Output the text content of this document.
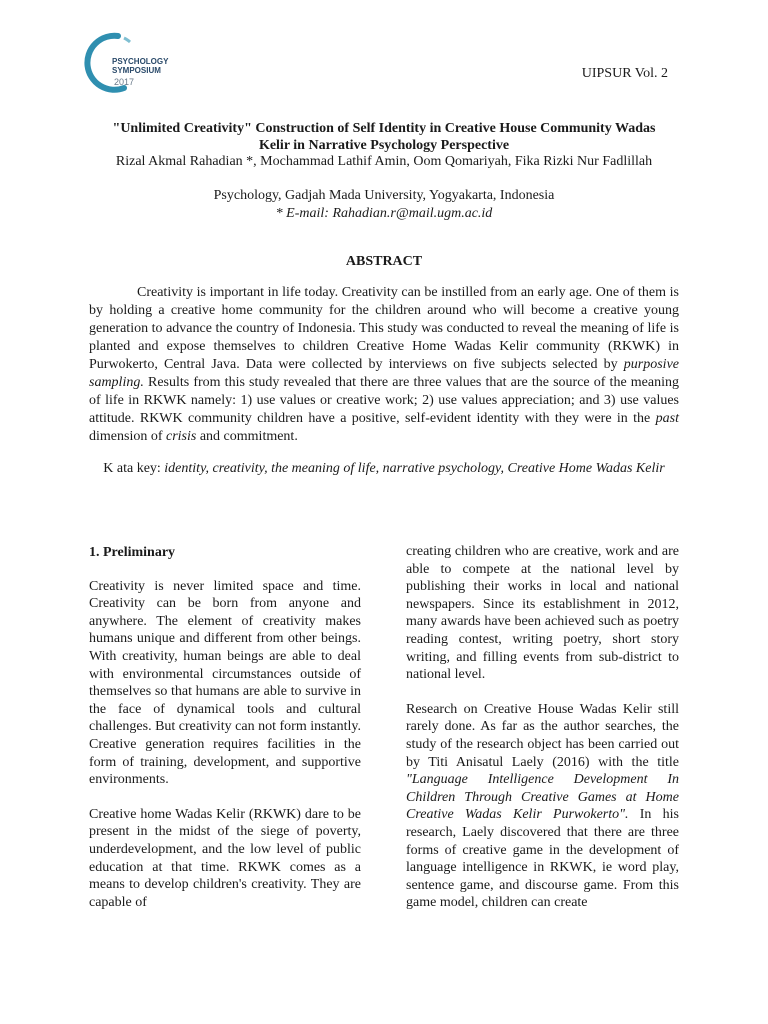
PSYCHOLOGY
SYMPOSIUM
2017
UIPSUR Vol. 2
"Unlimited Creativity" Construction of Self Identity in Creative House Community Wadas
Kelir in Narrative Psychology Perspective
Rizal Akmal Rahadian *, Mochammad Lathif Amin, Oom Qomariyah, Fika Rizki Nur Fadlillah
Psychology, Gadjah Mada University, Yogyakarta, Indonesia
* E-mail: Rahadian.r@mail.ugm.ac.id
ABSTRACT

Creativity is important in life today. Creativity can be instilled from an early age. One of them is by holding a creative home community for the children around who will become a creative young generation to advance the country of Indonesia. This study was conducted to reveal the meaning of life is planted and expose themselves to children Creative Home Wadas Kelir community (RKWK) in Purwokerto, Central Java. Data were collected by interviews on five subjects selected by purposive sampling. Results from this study revealed that there are three values that are the source of the meaning of life in RKWK namely: 1) use values or creative work; 2) use values appreciation; and 3) use values attitude. RKWK community children have a positive, self-evident identity with they were in the past dimension of crisis and commitment.

K ata key: identity, creativity, the meaning of life, narrative psychology, Creative Home Wadas Kelir

1. Preliminary

Creativity is never limited space and time. Creativity can be born from anyone and anywhere. The element of creativity makes humans unique and different from other beings. With creativity, human beings are able to deal with environmental circumstances outside of themselves so that humans are able to survive in the face of dynamical tools and cultural challenges. But creativity can not form instantly. Creative generation requires facilities in the form of training, development, and supportive environments.

Creative home Wadas Kelir (RKWK) dare to be present in the midst of the siege of poverty, underdevelopment, and the low level of public education at that time. RKWK comes as a means to develop children's creativity. They are capable of

creating children who are creative, work and are able to compete at the national level by publishing their works in local and national newspapers. Since its establishment in 2012, many awards have been achieved such as poetry reading contest, writing poetry, short story writing, and filling events from sub-district to national level.

Research on Creative House Wadas Kelir still rarely done. As far as the author searches, the study of the research object has been carried out by Titi Anisatul Laely (2016) with the title "Language Intelligence Development In Children Through Creative Games at Home Creative Wadas Kelir Purwokerto". In his research, Laely discovered that there are three forms of creative game in the development of language intelligence in RKWK, ie word play, sentence game, and discourse game. From this game model, children can create
